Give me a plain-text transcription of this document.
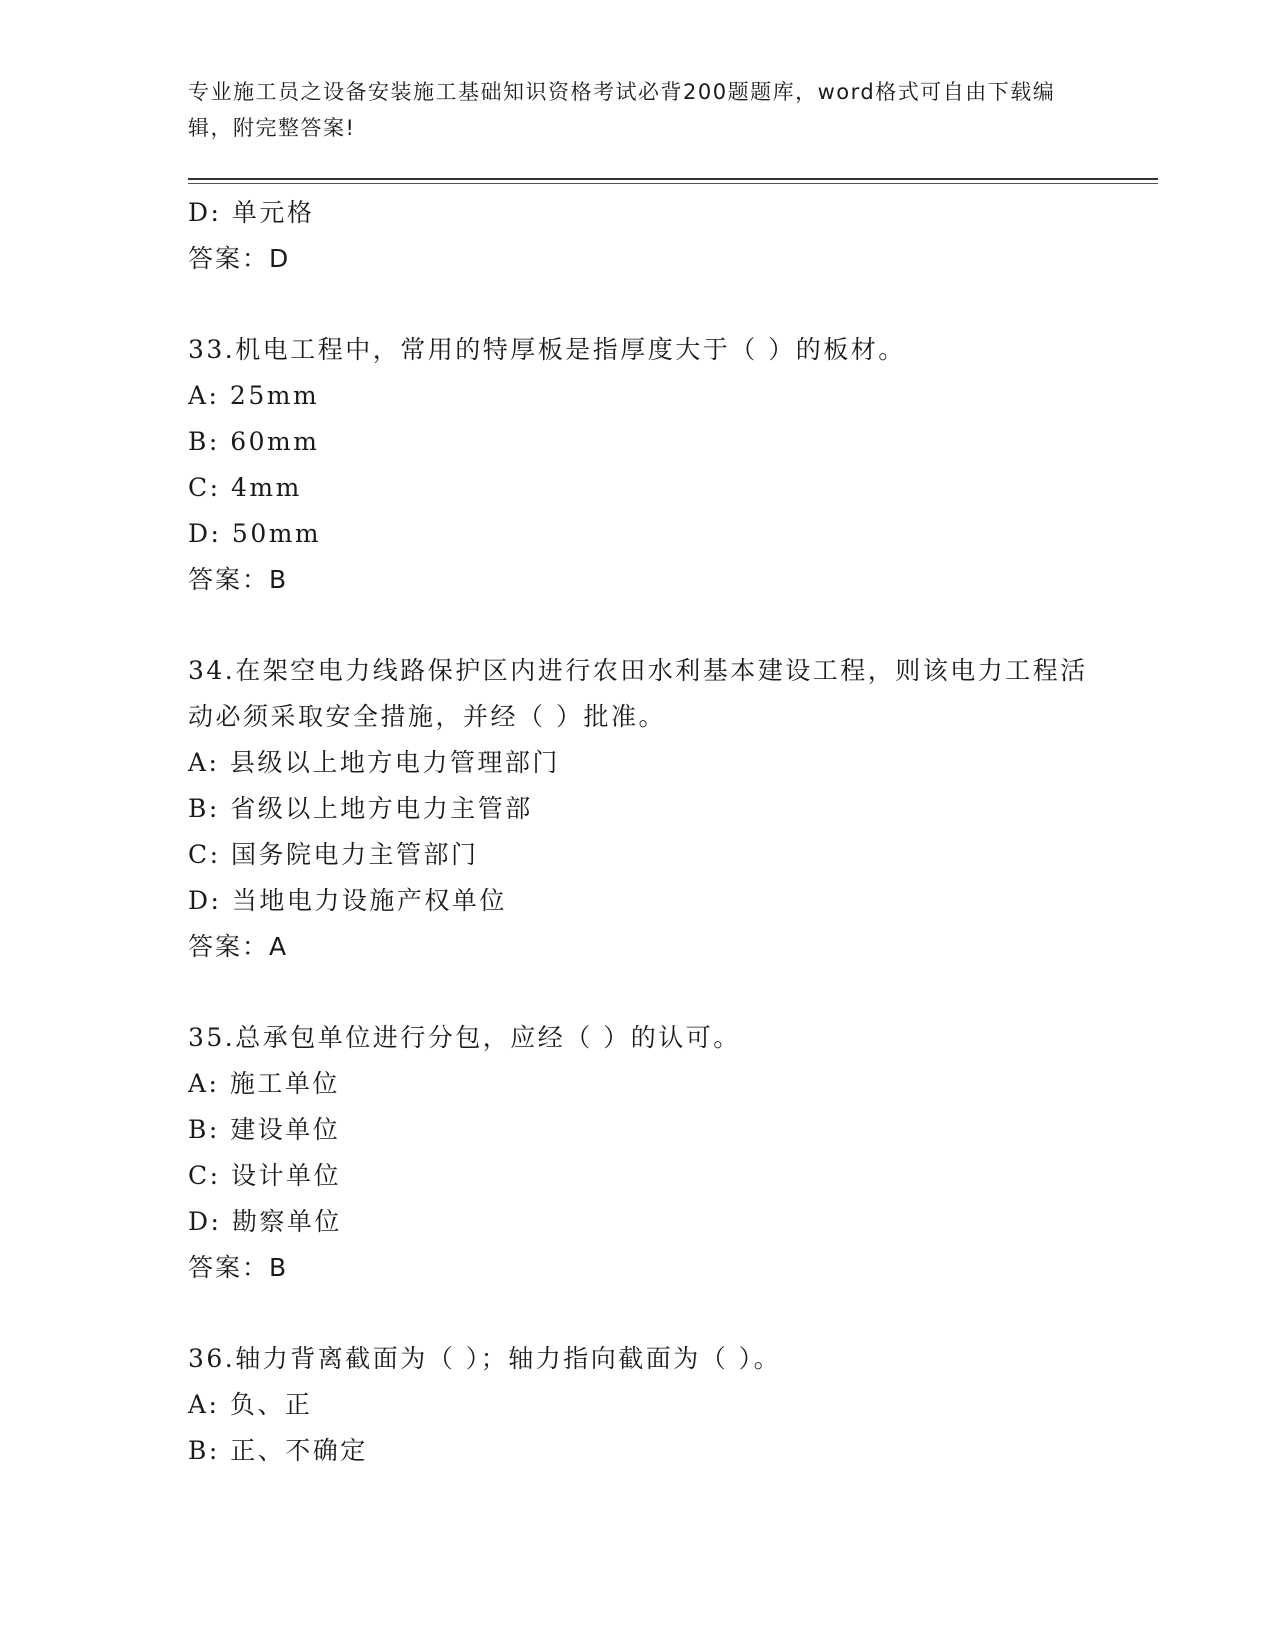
专业施工员之设备安装施工基础知识资格考试必背200题题库，word格式可自由下载编辑，附完整答案!
D: 单元格
答案：D
33.机电工程中，常用的特厚板是指厚度大于（ ）的板材。
A: 25mm
B: 60mm
C: 4mm
D: 50mm
答案：B
34.在架空电力线路保护区内进行农田水利基本建设工程，则该电力工程活动必须采取安全措施，并经（ ）批准。
A: 县级以上地方电力管理部门
B: 省级以上地方电力主管部
C: 国务院电力主管部门
D: 当地电力设施产权单位
答案：A
35.总承包单位进行分包，应经（ ）的认可。
A: 施工单位
B: 建设单位
C: 设计单位
D: 勘察单位
答案：B
36.轴力背离截面为（ ）；轴力指向截面为（ ）。
A: 负、正
B: 正、不确定
